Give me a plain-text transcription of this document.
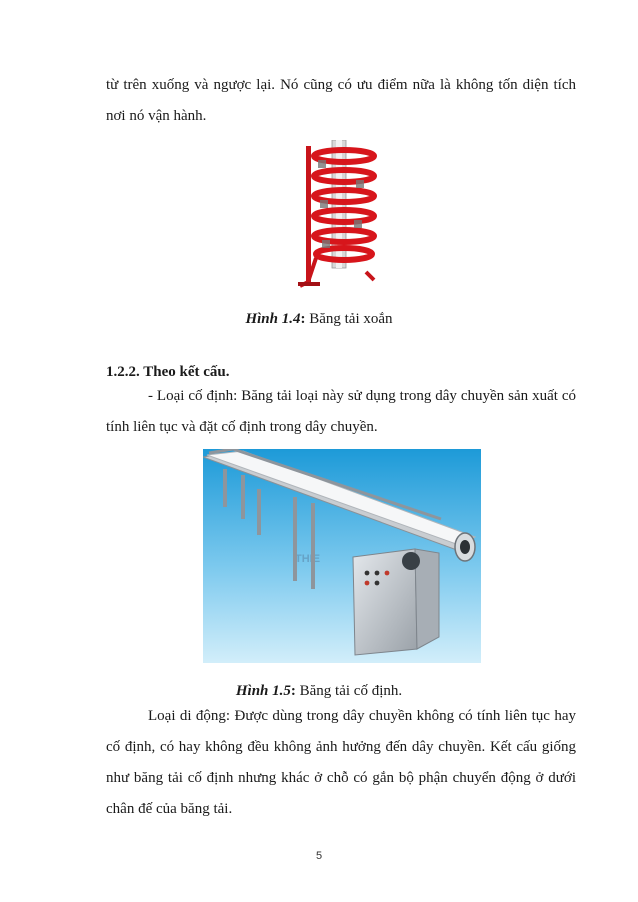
từ trên xuống và ngược lại. Nó cũng có ưu điểm nữa là không tốn diện tích
nơi nó vận hành.
Hình 1.4: Băng tải xoắn
1.2.2. Theo kết cấu.
- Loại cố định: Băng tải loại này sử dụng trong dây chuyền sản xuất có
tính liên tục và đặt cố định trong dây chuyền.
THIE
Hình 1.5: Băng tải cố định.
Loại di động: Được dùng trong dây chuyền không có tính liên tục hay
cố định, có hay không đều không ảnh hưởng đến dây chuyền. Kết cấu giống
như băng tải cố định nhưng khác ở chỗ có gắn bộ phận chuyển động ở dưới
chân đế của băng tải.
5
